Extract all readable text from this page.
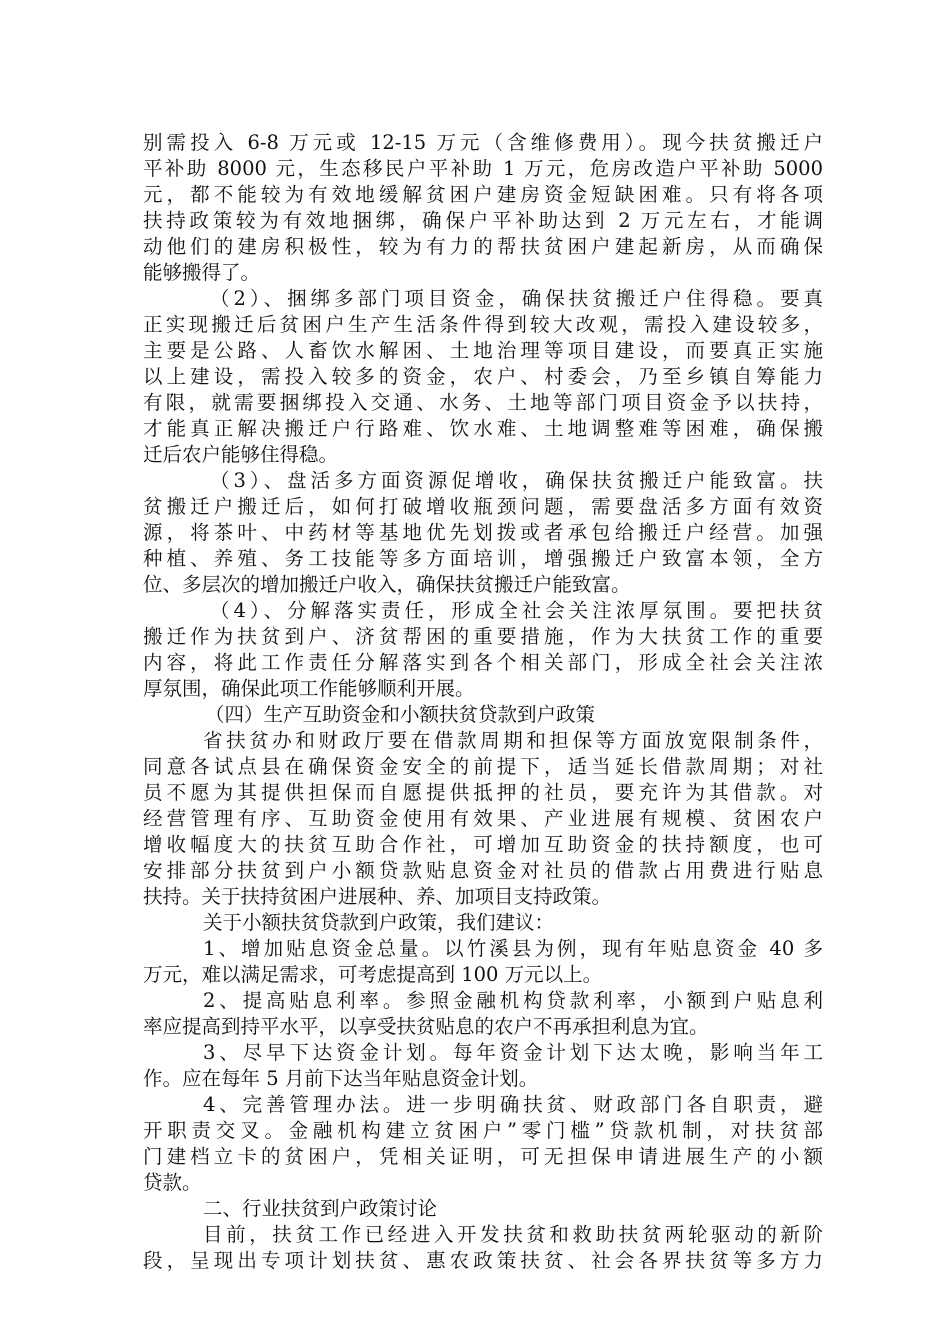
别需投入 6-8 万元或 12-15 万元（含维修费用）。现今扶贫搬迁户
平补助 8000 元，生态移民户平补助 1 万元，危房改造户平补助 5000
元，都不能较为有效地缓解贫困户建房资金短缺困难。只有将各项
扶持政策较为有效地捆绑，确保户平补助达到 2 万元左右，才能调
动他们的建房积极性，较为有力的帮扶贫困户建起新房，从而确保
能够搬得了。
（2）、捆绑多部门项目资金，确保扶贫搬迁户住得稳。要真
正实现搬迁后贫困户生产生活条件得到较大改观，需投入建设较多，
主要是公路、人畜饮水解困、土地治理等项目建设，而要真正实施
以上建设，需投入较多的资金，农户、村委会，乃至乡镇自筹能力
有限，就需要捆绑投入交通、水务、土地等部门项目资金予以扶持，
才能真正解决搬迁户行路难、饮水难、土地调整难等困难，确保搬
迁后农户能够住得稳。
（3）、盘活多方面资源促增收，确保扶贫搬迁户能致富。扶
贫搬迁户搬迁后，如何打破增收瓶颈问题，需要盘活多方面有效资
源，将茶叶、中药材等基地优先划拨或者承包给搬迁户经营。加强
种植、养殖、务工技能等多方面培训，增强搬迁户致富本领，全方
位、多层次的增加搬迁户收入，确保扶贫搬迁户能致富。
（4）、分解落实责任，形成全社会关注浓厚氛围。要把扶贫
搬迁作为扶贫到户、济贫帮困的重要措施，作为大扶贫工作的重要
内容，将此工作责任分解落实到各个相关部门，形成全社会关注浓
厚氛围，确保此项工作能够顺利开展。
（四）生产互助资金和小额扶贫贷款到户政策
省扶贫办和财政厅要在借款周期和担保等方面放宽限制条件，
同意各试点县在确保资金安全的前提下，适当延长借款周期；对社
员不愿为其提供担保而自愿提供抵押的社员，要充许为其借款。对
经营管理有序、互助资金使用有效果、产业进展有规模、贫困农户
增收幅度大的扶贫互助合作社，可增加互助资金的扶持额度，也可
安排部分扶贫到户小额贷款贴息资金对社员的借款占用费进行贴息
扶持。关于扶持贫困户进展种、养、加项目支持政策。
关于小额扶贫贷款到户政策，我们建议：
1、增加贴息资金总量。以竹溪县为例，现有年贴息资金 40 多
万元，难以满足需求，可考虑提高到 100 万元以上。
2、提高贴息利率。参照金融机构贷款利率，小额到户贴息利
率应提高到持平水平，以享受扶贫贴息的农户不再承担利息为宜。
3、尽早下达资金计划。每年资金计划下达太晚，影响当年工
作。应在每年 5 月前下达当年贴息资金计划。
4、完善管理办法。进一步明确扶贫、财政部门各自职责，避
开职责交叉。金融机构建立贫困户”零门槛”贷款机制，对扶贫部
门建档立卡的贫困户，凭相关证明，可无担保申请进展生产的小额
贷款。
二、行业扶贫到户政策讨论
目前，扶贫工作已经进入开发扶贫和救助扶贫两轮驱动的新阶
段，呈现出专项计划扶贫、惠农政策扶贫、社会各界扶贫等多方力
